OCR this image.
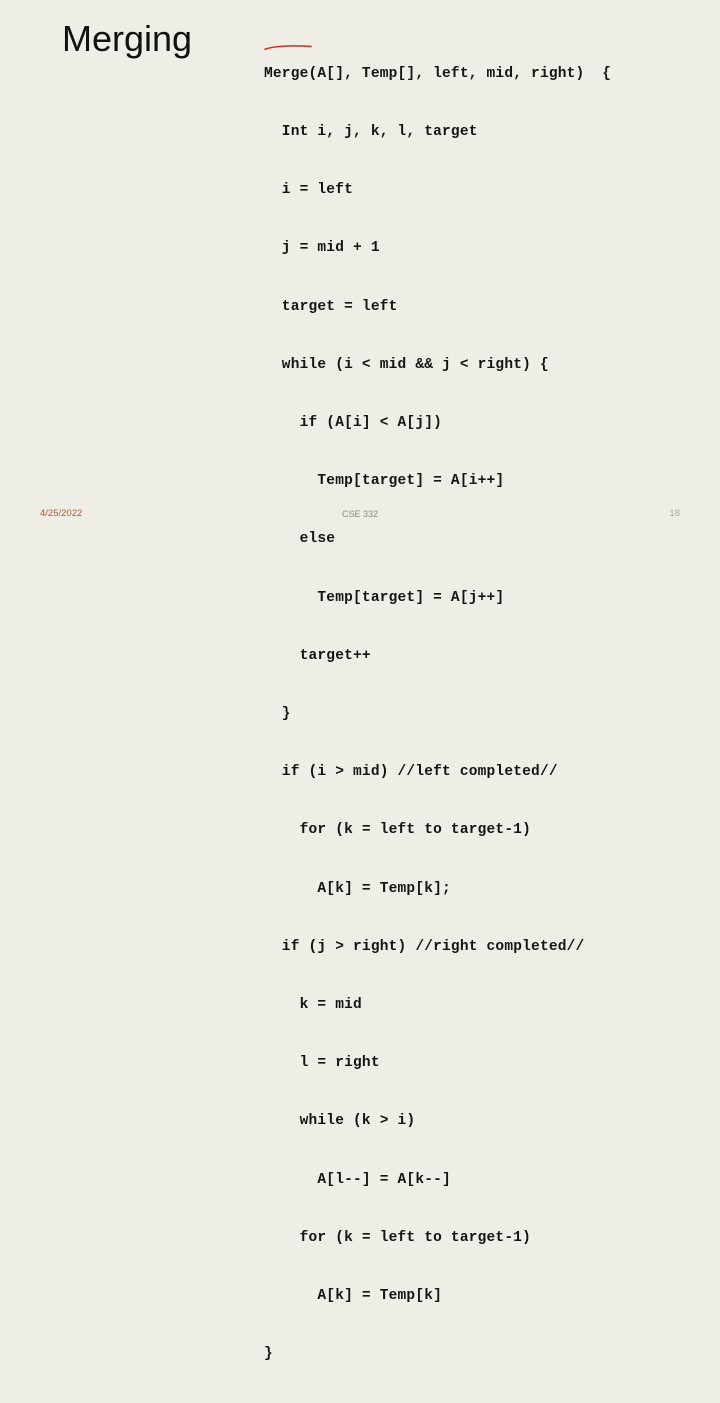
Merging

Merge(A[], Temp[], left, mid, right)  {

Int i, j, k, l, target

i = left

j = mid + 1

target = left

while (i < mid && j < right) {

if (A[i] < A[j])

Temp[target] = A[i++]

else

Temp[target] = A[j++]

target++

}

if (i > mid) //left completed//

for (k = left to target-1)

A[k] = Temp[k];

if (j > right) //right completed//

k = mid

l = right

while (k > i)

A[l--] = A[k--]

for (k = left to target-1)

A[k] = Temp[k]

}

4/25/2022	CSE 332	18
